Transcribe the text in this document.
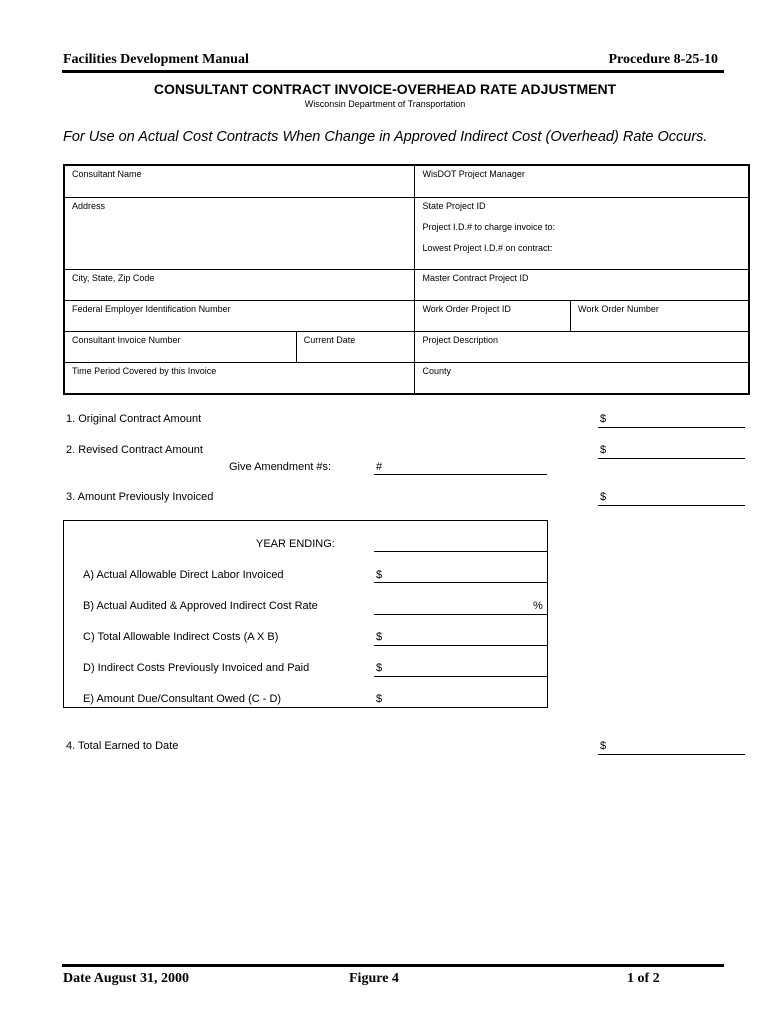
Facilities Development Manual	Procedure 8-25-10
CONSULTANT CONTRACT INVOICE-OVERHEAD RATE ADJUSTMENT
Wisconsin Department of Transportation
For Use on Actual Cost Contracts When Change in Approved Indirect Cost (Overhead) Rate Occurs.
Consultant Name		WisDOT Project Manager	
Address		State Project ID
Project I.D.# to charge invoice to:
Lowest Project I.D.# on contract:	

City, State, Zip Code		Master Contract Project ID	
Federal Employer Identification Number		Work Order Project ID	Work Order Number
Consultant Invoice Number	Current Date	Project Description	
Time Period Covered by this Invoice		County	
1. Original Contract Amount	$
2. Revised Contract Amount	$
Give Amendment #s:	#
3. Amount Previously Invoiced	$
YEAR ENDING:
A) Actual Allowable Direct Labor Invoiced	$
B) Actual Audited & Approved Indirect Cost Rate	%
C) Total Allowable Indirect Costs (A X B)	$
D) Indirect Costs Previously Invoiced and Paid	$
E) Amount Due/Consultant Owed (C - D)	$
4. Total Earned to Date	$
Date August 31, 2000	Figure 4	1 of 2
